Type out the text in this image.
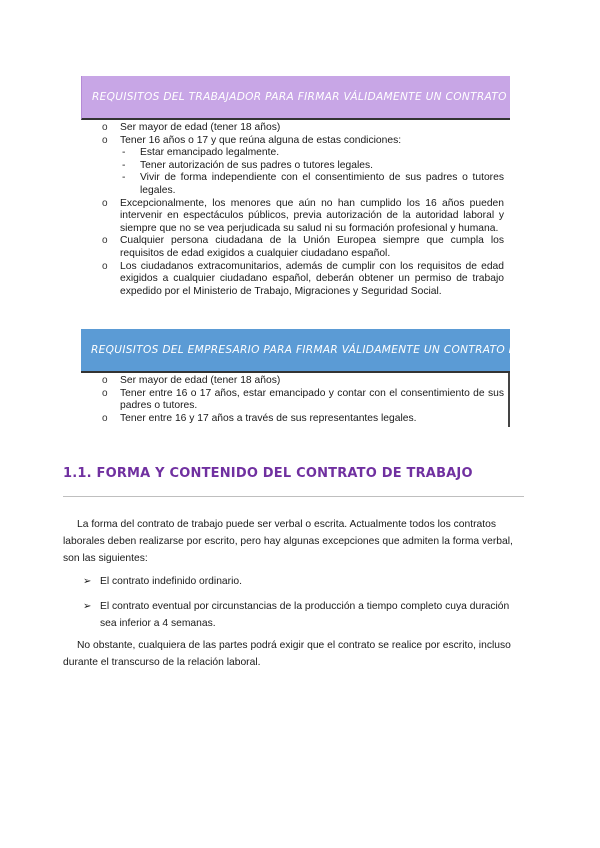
REQUISITOS DEL TRABAJADOR PARA FIRMAR VÁLIDAMENTE UN CONTRATO DE TRABAJO
o Ser mayor de edad (tener 18 años)
o Tener 16 años o 17 y que reúna alguna de estas condiciones:
- Estar emancipado legalmente.
- Tener autorización de sus padres o tutores legales.
- Vivir de forma independiente con el consentimiento de sus padres o tutores legales.
o Excepcionalmente, los menores que aún no han cumplido los 16 años pueden intervenir en espectáculos públicos, previa autorización de la autoridad laboral y siempre que no se vea perjudicada su salud ni su formación profesional y humana.
o Cualquier persona ciudadana de la Unión Europea siempre que cumpla los requisitos de edad exigidos a cualquier ciudadano español.
o Los ciudadanos extracomunitarios, además de cumplir con los requisitos de edad exigidos a cualquier ciudadano español, deberán obtener un permiso de trabajo expedido por el Ministerio de Trabajo, Migraciones y Seguridad Social.
REQUISITOS DEL EMPRESARIO PARA FIRMAR VÁLIDAMENTE UN CONTRATO DE TRABAJO
o Ser mayor de edad (tener 18 años)
o Tener entre 16 o 17 años, estar emancipado y contar con el consentimiento de sus padres o tutores.
o Tener entre 16 y 17 años a través de sus representantes legales.
1.1. FORMA Y CONTENIDO DEL CONTRATO DE TRABAJO

La forma del contrato de trabajo puede ser verbal o escrita. Actualmente todos los contratos laborales deben realizarse por escrito, pero hay algunas excepciones que admiten la forma verbal, son las siguientes:

➢ El contrato indefinido ordinario.
➢ El contrato eventual por circunstancias de la producción a tiempo completo cuya duración sea inferior a 4 semanas.

No obstante, cualquiera de las partes podrá exigir que el contrato se realice por escrito, incluso durante el transcurso de la relación laboral.
